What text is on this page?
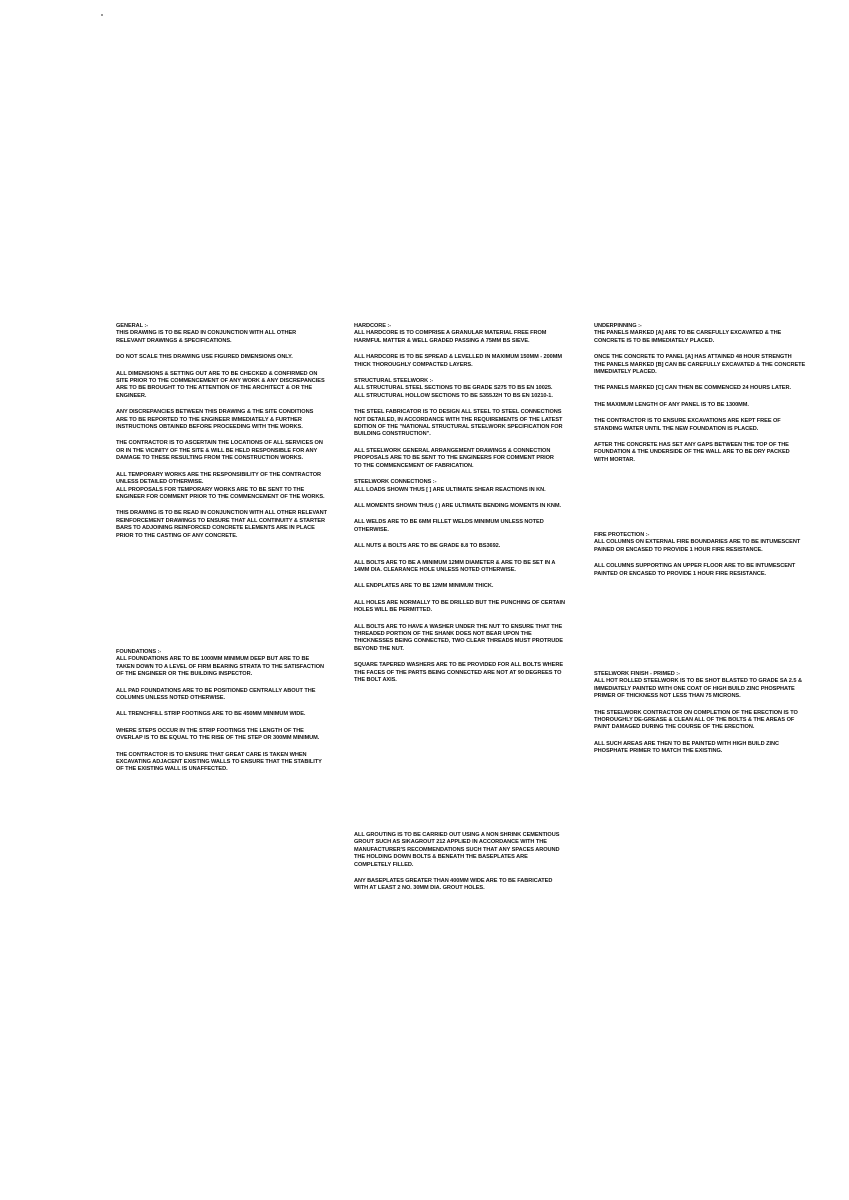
GENERAL :-

THIS DRAWING IS TO BE READ IN CONJUNCTION WITH ALL OTHER
RELEVANT DRAWINGS & SPECIFICATIONS.

DO NOT SCALE THIS DRAWING USE FIGURED DIMENSIONS ONLY.

ALL DIMENSIONS & SETTING OUT ARE TO BE CHECKED & CONFIRMED ON
SITE PRIOR TO THE COMMENCEMENT OF ANY WORK & ANY DISCREPANCIES
ARE TO BE BROUGHT TO THE ATTENTION OF THE ARCHITECT & OR THE
ENGINEER.

ANY DISCREPANCIES BETWEEN THIS DRAWING & THE SITE CONDITIONS
ARE TO BE REPORTED TO THE ENGINEER IMMEDIATELY & FURTHER
INSTRUCTIONS OBTAINED BEFORE PROCEEDING WITH THE WORKS.

THE CONTRACTOR IS TO ASCERTAIN THE LOCATIONS OF ALL SERVICES ON
OR IN THE VICINITY OF THE SITE & WILL BE HELD RESPONSIBLE FOR ANY
DAMAGE TO THESE RESULTING FROM THE CONSTRUCTION WORKS.

ALL TEMPORARY WORKS ARE THE RESPONSIBILITY OF THE CONTRACTOR
UNLESS DETAILED OTHERWISE.
ALL PROPOSALS FOR TEMPORARY WORKS ARE TO BE SENT TO THE
ENGINEER FOR COMMENT PRIOR TO THE COMMENCEMENT OF THE WORKS.

THIS DRAWING IS TO BE READ IN CONJUNCTION WITH ALL OTHER RELEVANT
REINFORCEMENT DRAWINGS TO ENSURE THAT ALL CONTINUITY & STARTER
BARS TO ADJOINING REINFORCED CONCRETE ELEMENTS ARE IN PLACE
PRIOR TO THE CASTING OF ANY CONCRETE.

FOUNDATIONS :-

ALL FOUNDATIONS ARE TO BE 1000MM MINIMUM DEEP BUT ARE TO BE
TAKEN DOWN TO A LEVEL OF FIRM BEARING STRATA TO THE SATISFACTION
OF THE ENGINEER OR THE BUILDING INSPECTOR.

ALL PAD FOUNDATIONS ARE TO BE POSITIONED CENTRALLY ABOUT THE
COLUMNS UNLESS NOTED OTHERWISE.

ALL TRENCHFILL STRIP FOOTINGS ARE TO BE 450MM MINIMUM WIDE.

WHERE STEPS OCCUR IN THE STRIP FOOTINGS THE LENGTH OF THE
OVERLAP IS TO BE EQUAL TO THE RISE OF THE STEP OR 300MM MINIMUM.

THE CONTRACTOR IS TO ENSURE THAT GREAT CARE IS TAKEN WHEN
EXCAVATING ADJACENT EXISTING WALLS TO ENSURE THAT THE STABILITY
OF THE EXISTING WALL IS UNAFFECTED.

HARDCORE :-

ALL HARDCORE IS TO COMPRISE A GRANULAR MATERIAL FREE FROM
HARMFUL MATTER & WELL GRADED PASSING A 75MM BS SIEVE.

ALL HARDCORE IS TO BE SPREAD & LEVELLED IN MAXIMUM 150MM - 200MM
THICK THOROUGHLY COMPACTED LAYERS.

STRUCTURAL STEELWORK :-

ALL STRUCTURAL STEEL SECTIONS TO BE GRADE S275 TO BS EN 10025.
ALL STRUCTURAL HOLLOW SECTIONS TO BE S355J2H TO BS EN 10210-1.

THE STEEL FABRICATOR IS TO DESIGN ALL STEEL TO STEEL CONNECTIONS
NOT DETAILED, IN ACCORDANCE WITH THE REQUIREMENTS OF THE LATEST
EDITION OF THE "NATIONAL STRUCTURAL STEELWORK SPECIFICATION FOR
BUILDING CONSTRUCTION".

ALL STEELWORK GENERAL ARRANGEMENT DRAWINGS & CONNECTION
PROPOSALS ARE TO BE SENT TO THE ENGINEERS FOR COMMENT PRIOR
TO THE COMMENCEMENT OF FABRICATION.

STEELWORK CONNECTIONS :-

ALL LOADS SHOWN THUS [ ] ARE ULTIMATE SHEAR REACTIONS IN KN.

ALL MOMENTS SHOWN THUS ( ) ARE ULTIMATE BENDING MOMENTS IN KNM.

ALL WELDS ARE TO BE 6MM FILLET WELDS MINIMUM UNLESS NOTED
OTHERWISE.

ALL NUTS & BOLTS ARE TO BE GRADE 8.8 TO BS3692.

ALL BOLTS ARE TO BE A MINIMUM 12MM DIAMETER & ARE TO BE SET IN A
14MM DIA. CLEARANCE HOLE UNLESS NOTED OTHERWISE.

ALL ENDPLATES ARE TO BE 12MM MINIMUM THICK.

ALL HOLES ARE NORMALLY TO BE DRILLED BUT THE PUNCHING OF CERTAIN
HOLES WILL BE PERMITTED.

ALL BOLTS ARE TO HAVE A WASHER UNDER THE NUT TO ENSURE THAT THE
THREADED PORTION OF THE SHANK DOES NOT BEAR UPON THE
THICKNESSES BEING CONNECTED, TWO CLEAR THREADS MUST PROTRUDE
BEYOND THE NUT.

SQUARE TAPERED WASHERS ARE TO BE PROVIDED FOR ALL BOLTS WHERE
THE FACES OF THE PARTS BEING CONNECTED ARE NOT AT 90 DEGREES TO
THE BOLT AXIS.

ALL GROUTING IS TO BE CARRIED OUT USING A NON SHRINK CEMENTIOUS
GROUT SUCH AS SIKAGROUT 212 APPLIED IN ACCORDANCE WITH THE
MANUFACTURER'S RECOMMENDATIONS SUCH THAT ANY SPACES AROUND
THE HOLDING DOWN BOLTS & BENEATH THE BASEPLATES ARE
COMPLETELY FILLED.

ANY BASEPLATES GREATER THAN 400MM WIDE ARE TO BE FABRICATED
WITH AT LEAST 2 NO. 30MM DIA. GROUT HOLES.

UNDERPINNING :-

THE PANELS MARKED [A] ARE TO BE CAREFULLY EXCAVATED & THE
CONCRETE IS TO BE IMMEDIATELY PLACED.

ONCE THE CONCRETE TO PANEL [A] HAS ATTAINED 48 HOUR STRENGTH
THE PANELS MARKED [B] CAN BE CAREFULLY EXCAVATED & THE CONCRETE
IMMEDIATELY PLACED.

THE PANELS MARKED [C] CAN THEN BE COMMENCED 24 HOURS LATER.

THE MAXIMUM LENGTH OF ANY PANEL IS TO BE 1300MM.

THE CONTRACTOR IS TO ENSURE EXCAVATIONS ARE KEPT FREE OF
STANDING WATER UNTIL THE NEW FOUNDATION IS PLACED.

AFTER THE CONCRETE HAS SET ANY GAPS BETWEEN THE TOP OF THE
FOUNDATION & THE UNDERSIDE OF THE WALL ARE TO BE DRY PACKED
WITH MORTAR.

FIRE PROTECTION :-

ALL COLUMNS ON EXTERNAL FIRE BOUNDARIES ARE TO BE INTUMESCENT
PAINED OR ENCASED TO PROVIDE 1 HOUR FIRE RESISTANCE.

ALL COLUMNS SUPPORTING AN UPPER FLOOR ARE TO BE INTUMESCENT
PAINTED OR ENCASED TO PROVIDE 1 HOUR FIRE RESISTANCE.

STEELWORK FINISH - PRIMED :-

ALL HOT ROLLED STEELWORK IS TO BE SHOT BLASTED TO GRADE SA 2.5 &
IMMEDIATELY PAINTED WITH ONE COAT OF HIGH BUILD ZINC PHOSPHATE
PRIMER OF THICKNESS NOT LESS THAN 75 MICRONS.

THE STEELWORK CONTRACTOR ON COMPLETION OF THE ERECTION IS TO
THOROUGHLY DE-GREASE & CLEAN ALL OF THE BOLTS & THE AREAS OF
PAINT DAMAGED DURING THE COURSE OF THE ERECTION.

ALL SUCH AREAS ARE THEN TO BE PAINTED WITH HIGH BUILD ZINC
PHOSPHATE PRIMER TO MATCH THE EXISTING.
